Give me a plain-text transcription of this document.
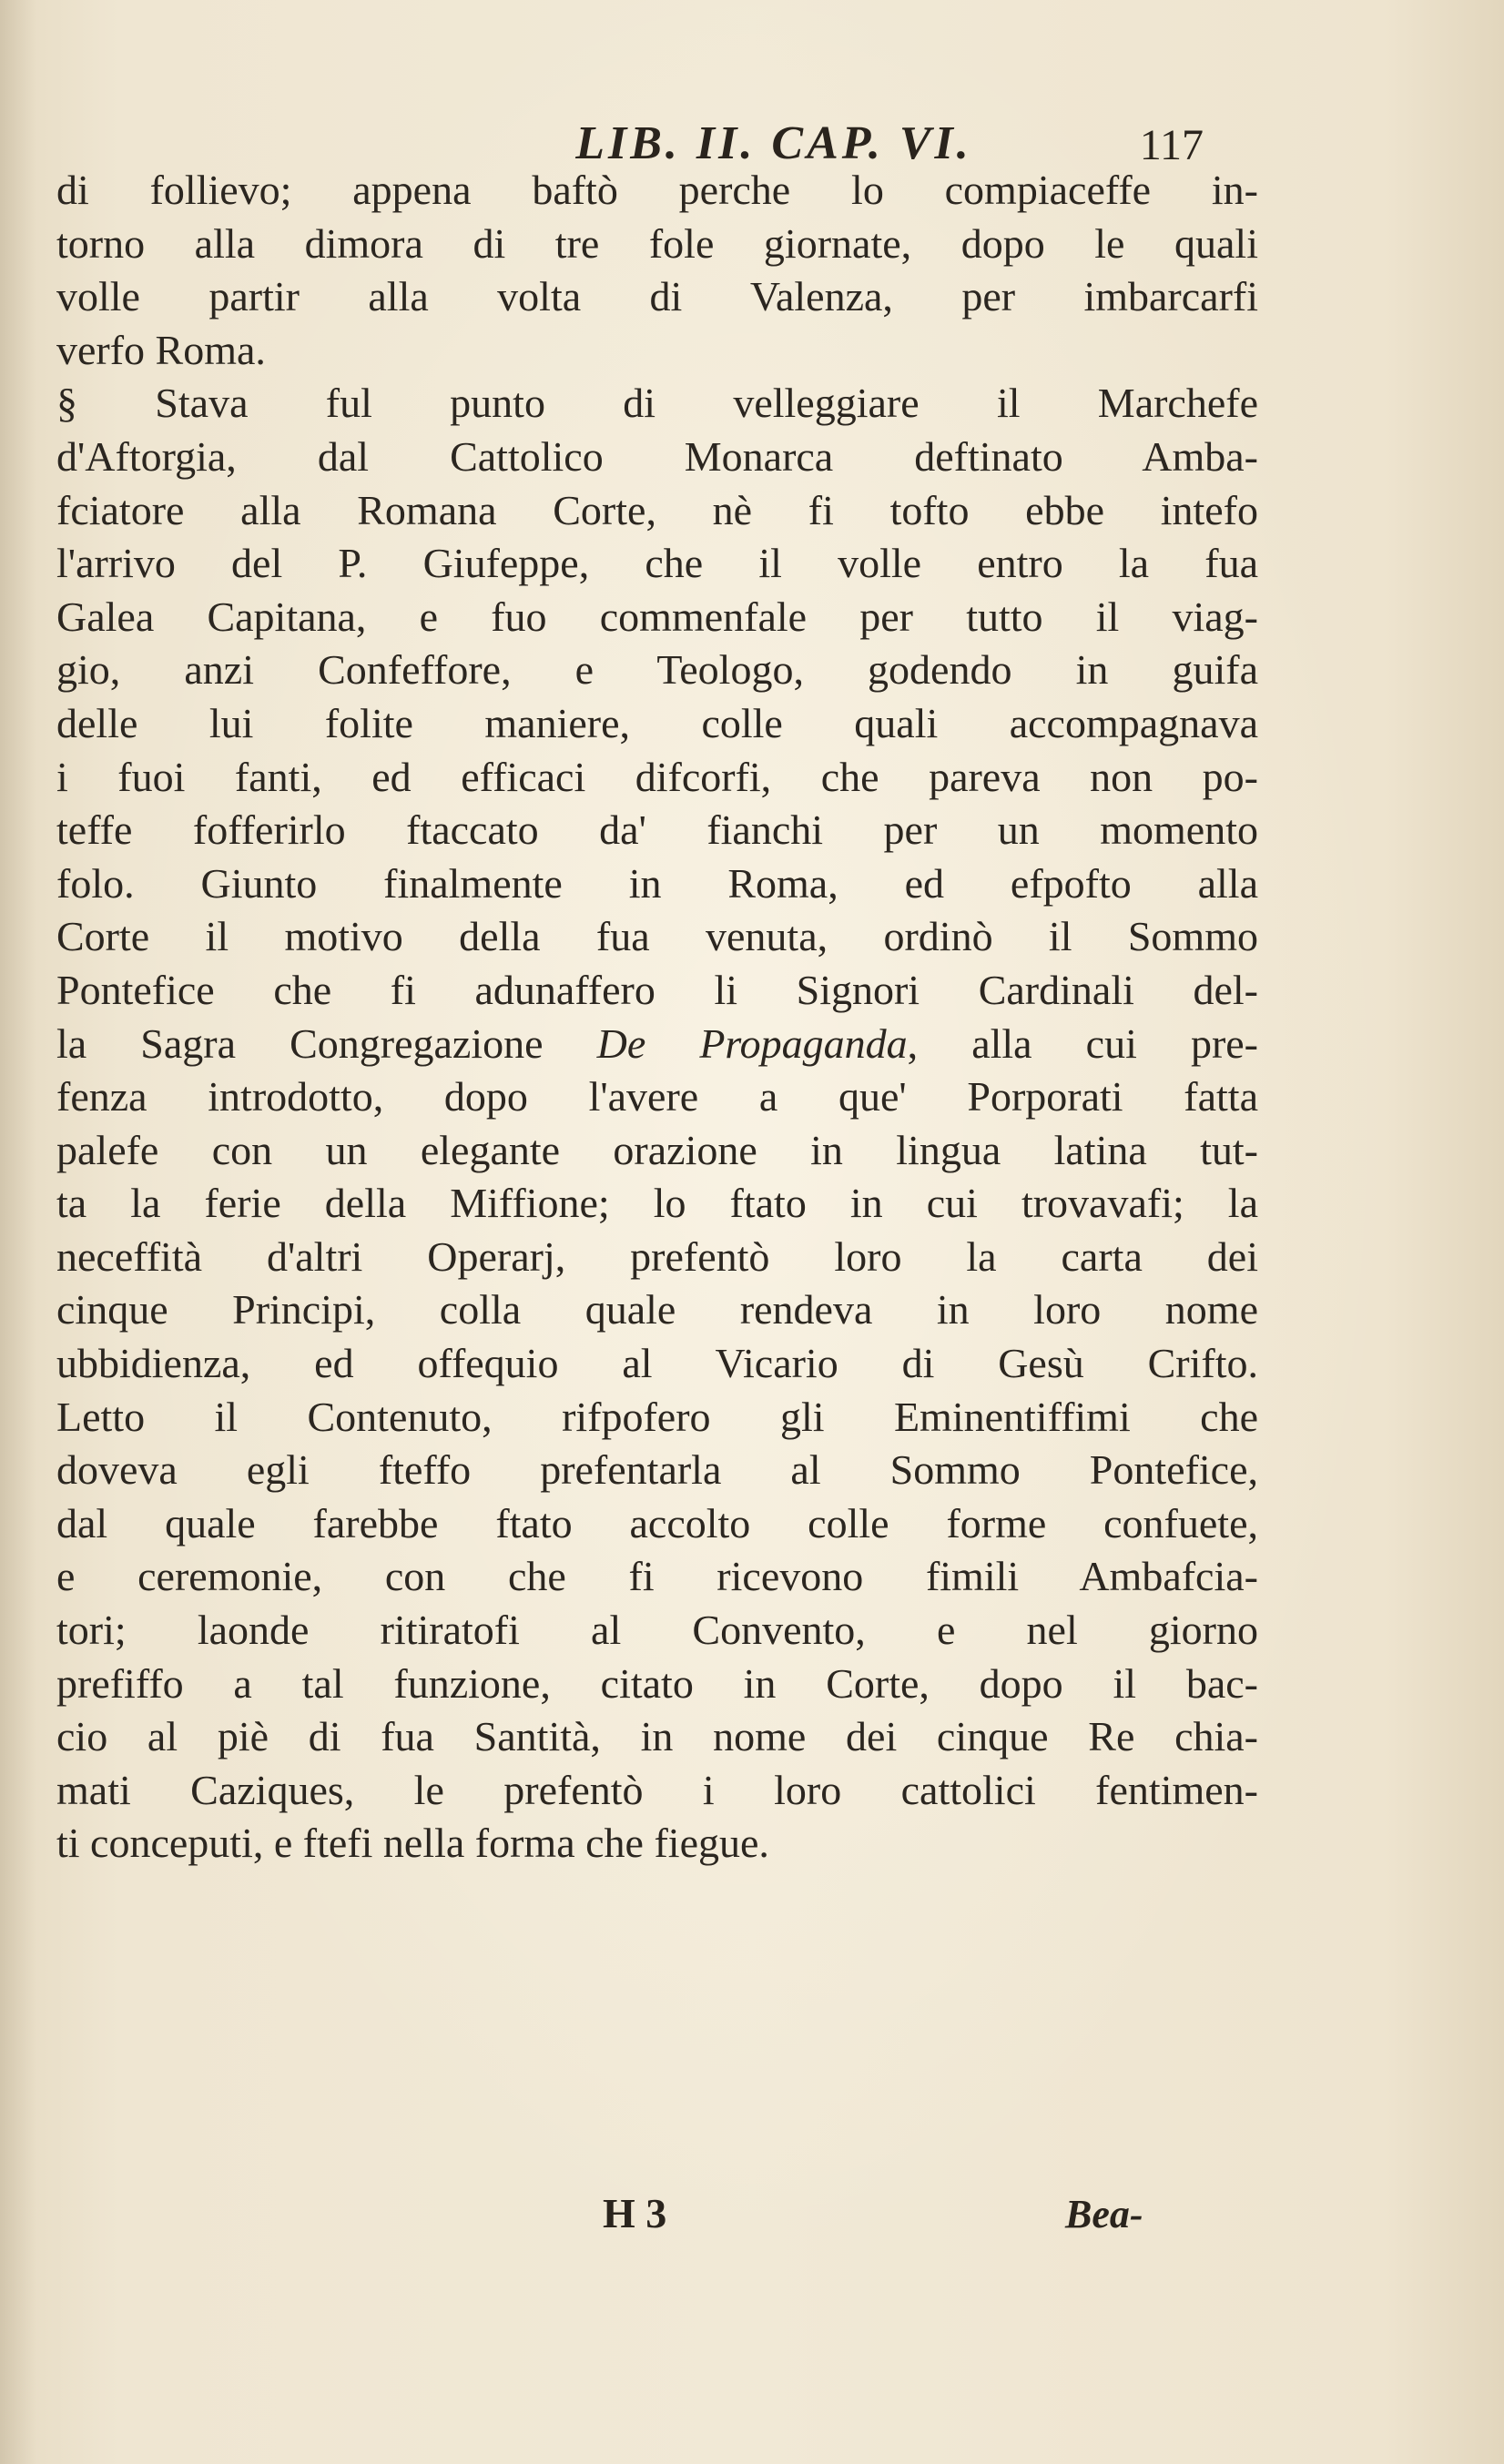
LIB. II. CAP. VI.	117
di follievo; appena baftò perche lo compiaceffe in-
torno alla dimora di tre fole giornate, dopo le quali
volle partir alla volta di Valenza, per imbarcarfi
verfo Roma.
§ Stava ful punto di velleggiare il Marchefe
d'Aftorgia, dal Cattolico Monarca deftinato Amba-
fciatore alla Romana Corte, nè fi tofto ebbe intefo
l'arrivo del P. Giufeppe, che il volle entro la fua
Galea Capitana, e fuo commenfale per tutto il viag-
gio, anzi Confeffore, e Teologo, godendo in guifa
delle lui folite maniere, colle quali accompagnava
i fuoi fanti, ed efficaci difcorfi, che pareva non po-
teffe fofferirlo ftaccato da' fianchi per un momento
folo. Giunto finalmente in Roma, ed efpofto alla
Corte il motivo della fua venuta, ordinò il Sommo
Pontefice che fi adunaffero li Signori Cardinali del-
la Sagra Congregazione De Propaganda, alla cui pre-
fenza introdotto, dopo l'avere a que' Porporati fatta
palefe con un elegante orazione in lingua latina tut-
ta la ferie della Miffione; lo ftato in cui trovavafi; la
neceffità d'altri Operarj, prefentò loro la carta dei
cinque Principi, colla quale rendeva in loro nome
ubbidienza, ed offequio al Vicario di Gesù Crifto.
Letto il Contenuto, rifpofero gli Eminentiffimi che
doveva egli fteffo prefentarla al Sommo Pontefice,
dal quale farebbe ftato accolto colle forme confuete,
e ceremonie, con che fi ricevono fimili Ambafcia-
tori; laonde ritiratofi al Convento, e nel giorno
prefiffo a tal funzione, citato in Corte, dopo il bac-
cio al piè di fua Santità, in nome dei cinque Re chia-
mati Caziques, le prefentò i loro cattolici fentimen-
ti conceputi, e ftefi nella forma che fiegue.
H 3	Bea-
